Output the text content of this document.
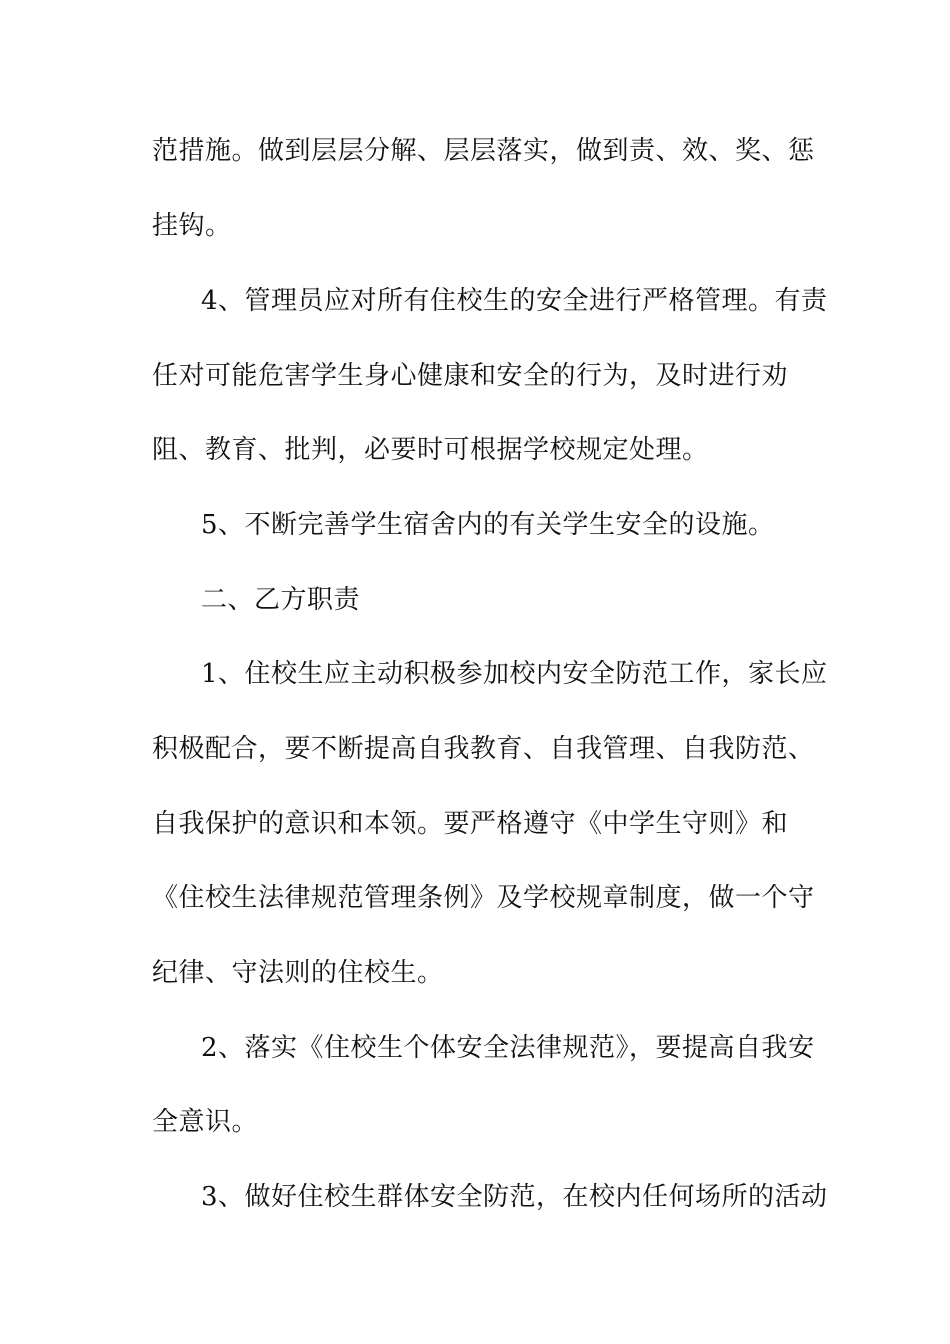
范措施。做到层层分解、层层落实，做到责、效、奖、惩
挂钩。
4、管理员应对所有住校生的安全进行严格管理。有责
任对可能危害学生身心健康和安全的行为，及时进行劝
阻、教育、批判，必要时可根据学校规定处理。
5、不断完善学生宿舍内的有关学生安全的设施。
二、乙方职责
1、住校生应主动积极参加校内安全防范工作，家长应
积极配合，要不断提高自我教育、自我管理、自我防范、
自我保护的意识和本领。要严格遵守《中学生守则》和
《住校生法律规范管理条例》及学校规章制度，做一个守
纪律、守法则的住校生。
2、落实《住校生个体安全法律规范》，要提高自我安
全意识。
3、做好住校生群体安全防范，在校内任何场所的活动
